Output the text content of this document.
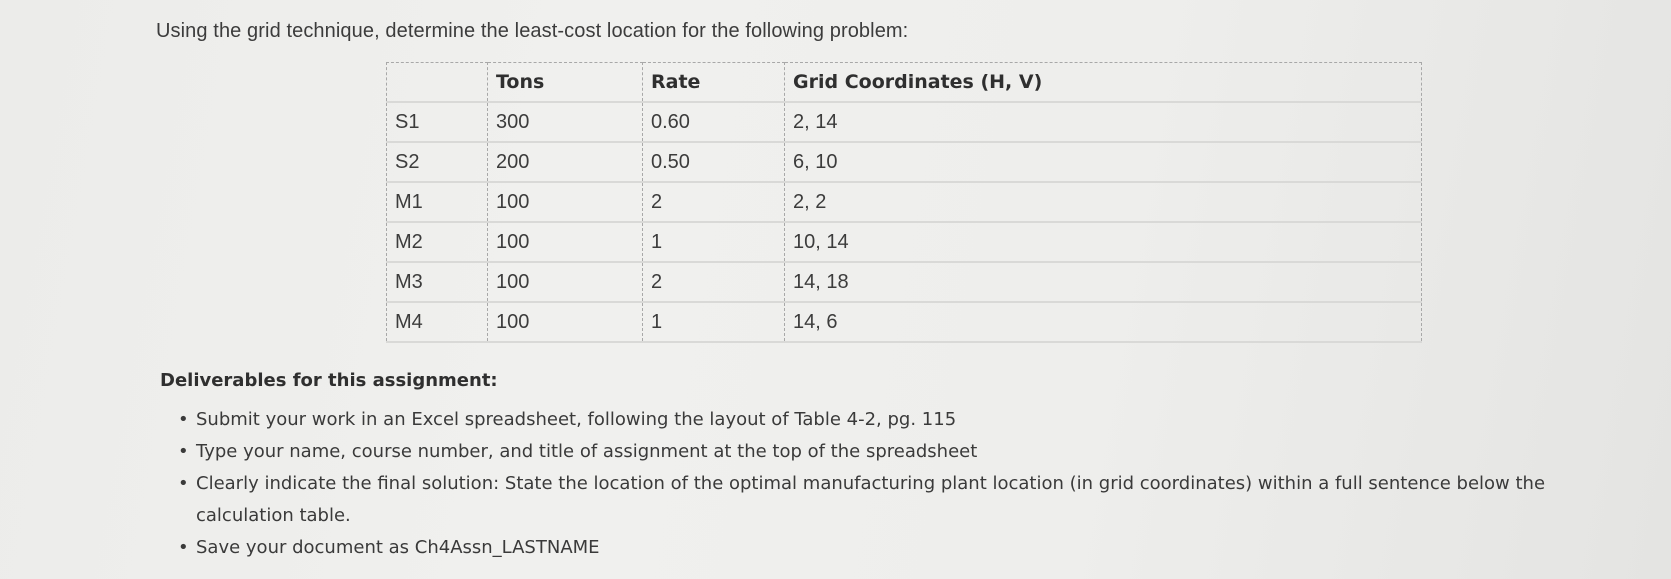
Using the grid technique, determine the least-cost location for the following problem:
	Tons	Rate	Grid Coordinates (H, V)
S1	300	0.60	2, 14
S2	200	0.50	6, 10
M1	100	2	2, 2
M2	100	1	10, 14
M3	100	2	14, 18
M4	100	1	14, 6
Deliverables for this assignment:
• Submit your work in an Excel spreadsheet, following the layout of Table 4-2, pg. 115
• Type your name, course number, and title of assignment at the top of the spreadsheet
• Clearly indicate the final solution: State the location of the optimal manufacturing plant location (in grid coordinates) within a full sentence below the calculation table.
• Save your document as Ch4Assn_LASTNAME
